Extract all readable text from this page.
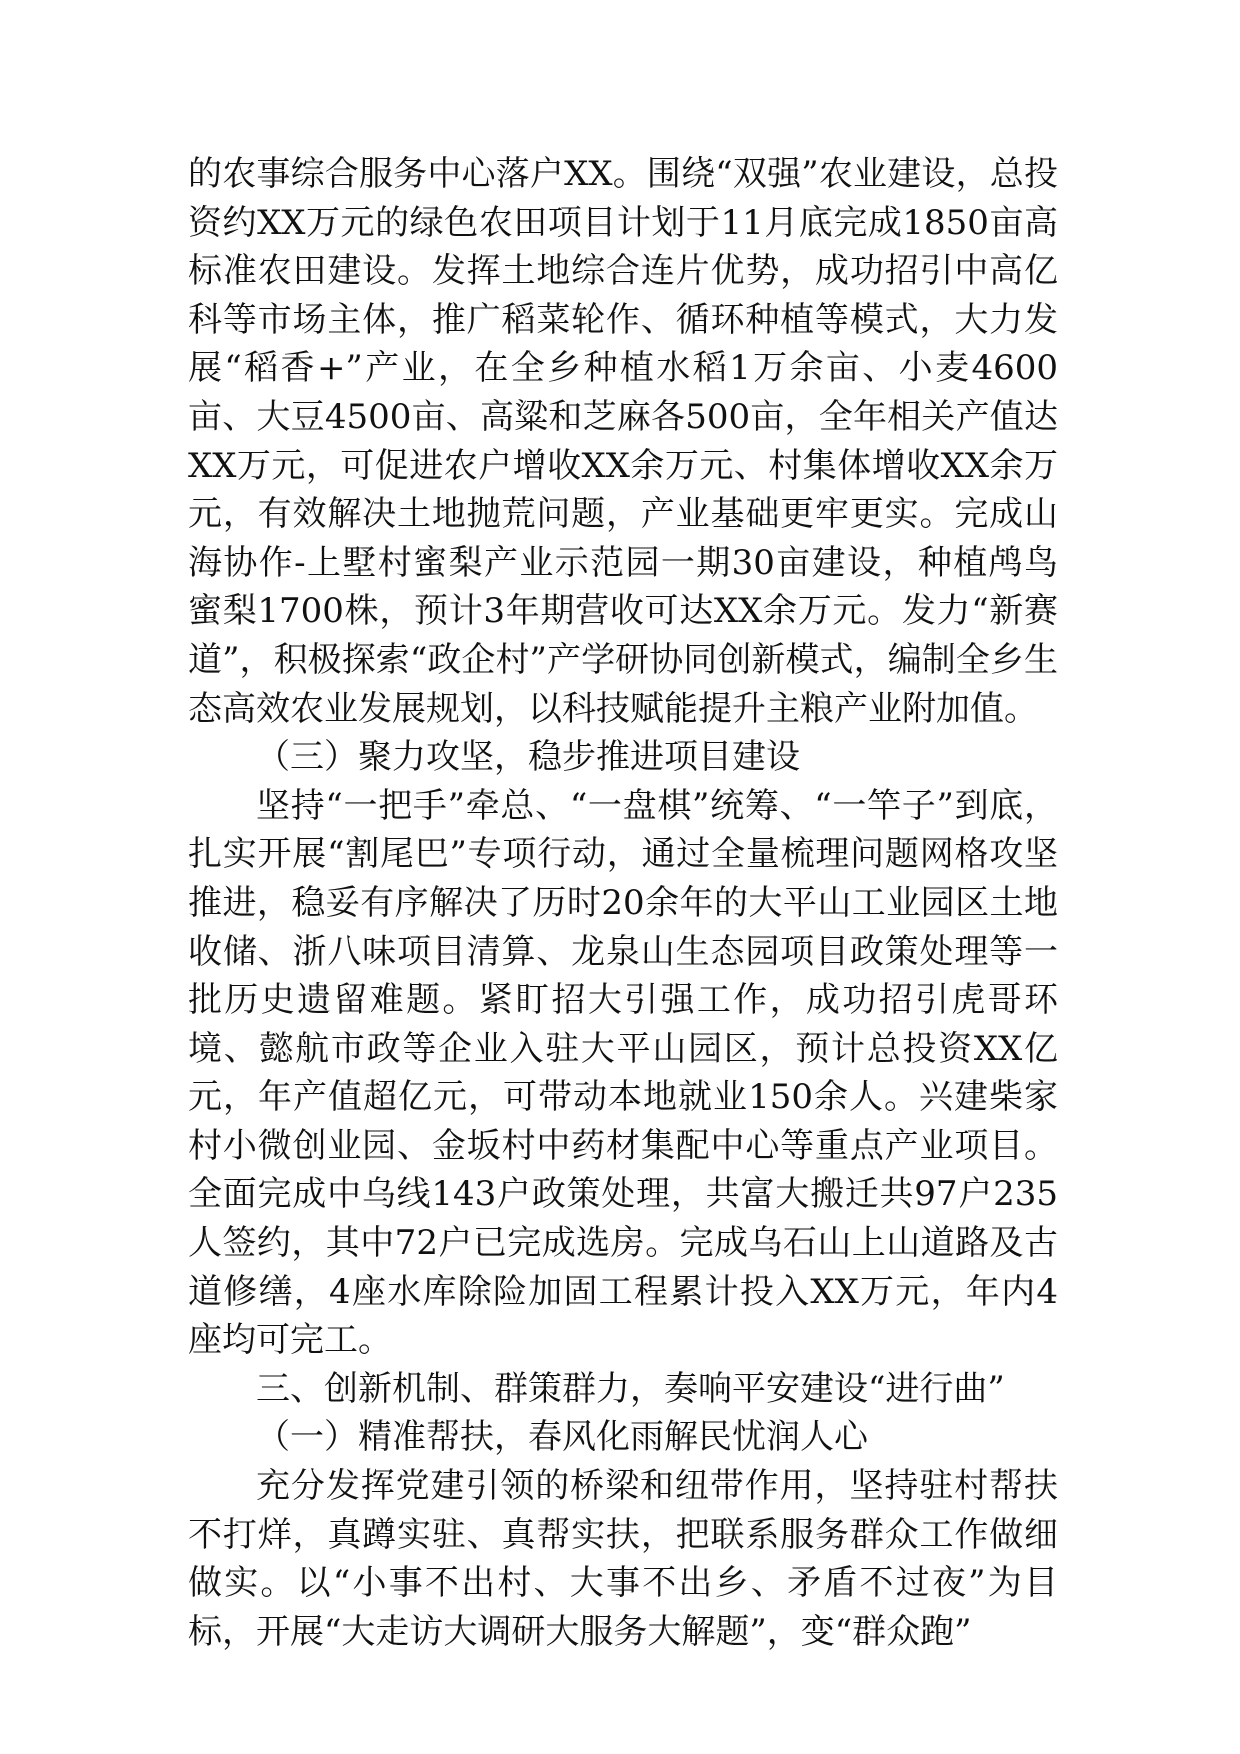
的农事综合服务中心落户XX。围绕“双强”农业建设，总投资约XX万元的绿色农田项目计划于11月底完成1850亩高标准农田建设。发挥土地综合连片优势，成功招引中高亿科等市场主体，推广稻菜轮作、循环种植等模式，大力发展“稻香+”产业，在全乡种植水稻1万余亩、小麦4600亩、大豆4500亩、高粱和芝麻各500亩，全年相关产值达XX万元，可促进农户增收XX余万元、村集体增收XX余万元，有效解决土地抛荒问题，产业基础更牢更实。完成山海协作-上墅村蜜梨产业示范园一期30亩建设，种植鸬鸟蜜梨1700株，预计3年期营收可达XX余万元。发力“新赛道”，积极探索“政企村”产学研协同创新模式，编制全乡生态高效农业发展规划，以科技赋能提升主粮产业附加值。

（三）聚力攻坚，稳步推进项目建设

坚持“一把手”牵总、“一盘棋”统筹、“一竿子”到底，扎实开展“割尾巴”专项行动，通过全量梳理问题网格攻坚推进，稳妥有序解决了历时20余年的大平山工业园区土地收储、浙八味项目清算、龙泉山生态园项目政策处理等一批历史遗留难题。紧盯招大引强工作，成功招引虎哥环境、懿航市政等企业入驻大平山园区，预计总投资XX亿元，年产值超亿元，可带动本地就业150余人。兴建柴家村小微创业园、金坂村中药材集配中心等重点产业项目。全面完成中乌线143户政策处理，共富大搬迁共97户235人签约，其中72户已完成选房。完成乌石山上山道路及古道修缮，4座水库除险加固工程累计投入XX万元，年内4座均可完工。

三、创新机制、群策群力，奏响平安建设“进行曲”

（一）精准帮扶，春风化雨解民忧润人心

充分发挥党建引领的桥梁和纽带作用，坚持驻村帮扶不打烊，真蹲实驻、真帮实扶，把联系服务群众工作做细做实。以“小事不出村、大事不出乡、矛盾不过夜”为目标，开展“大走访大调研大服务大解题”，变“群众跑”
